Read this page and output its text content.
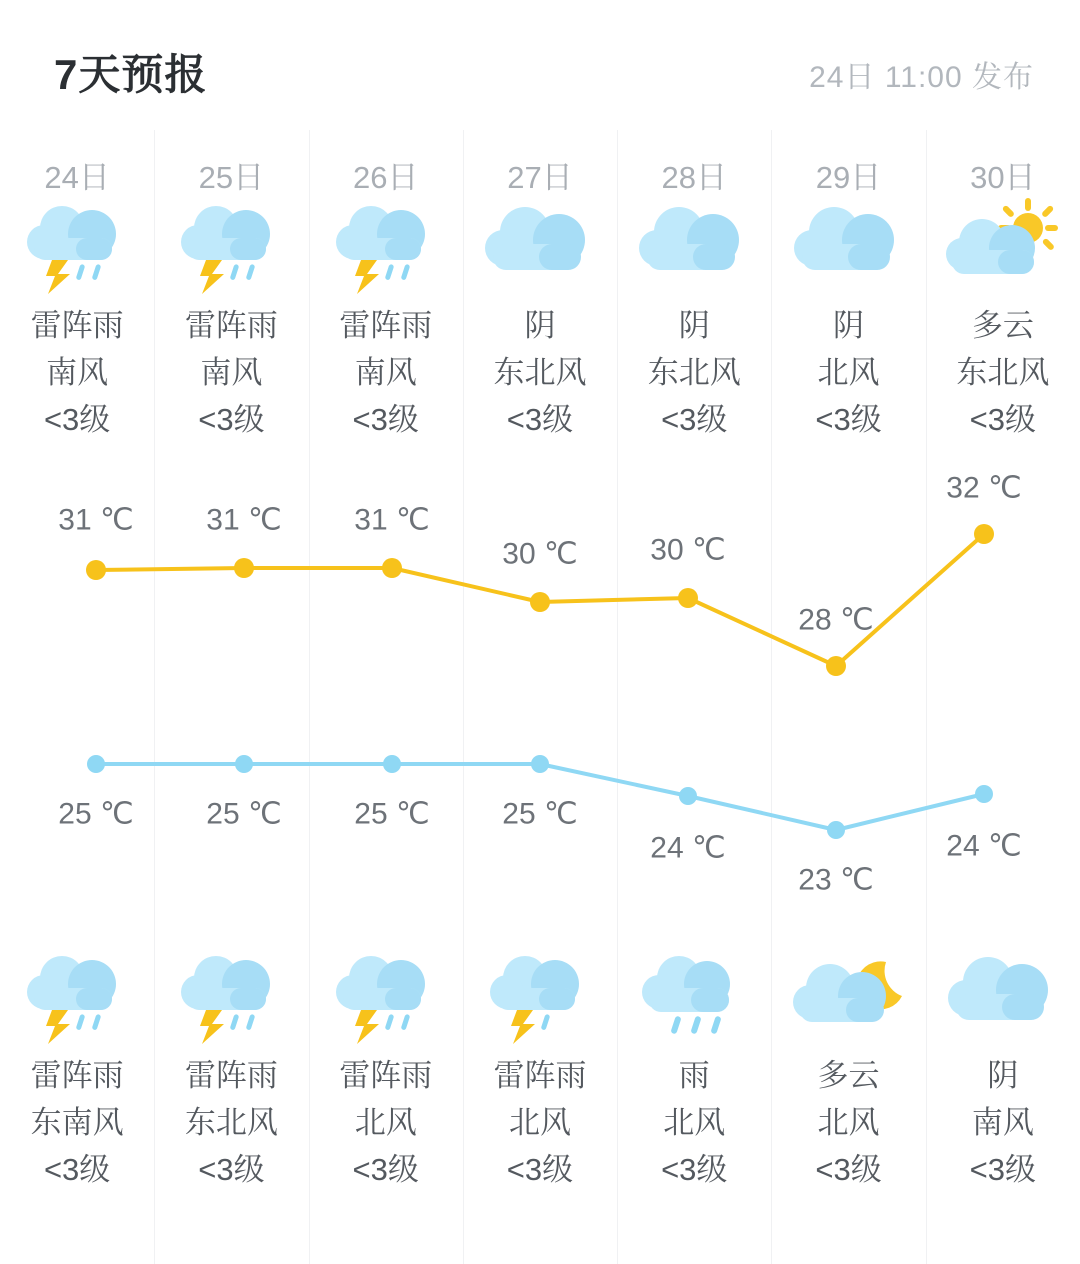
7天预报	24日 11:00 发布
24日
雷阵雨
南风
<3级
雷阵雨
东南风
<3级
25日
雷阵雨
南风
<3级
雷阵雨
东北风
<3级
26日
雷阵雨
南风
<3级
雷阵雨
北风
<3级
27日
阴
东北风
<3级
雷阵雨
北风
<3级
28日
阴
东北风
<3级
雨
北风
<3级
29日
阴
北风
<3级
多云
北风
<3级
30日
多云
东北风
<3级
阴
南风
<3级
31 ℃ 31 ℃ 31 ℃
30 ℃ 30 ℃
28 ℃
32 ℃
25 ℃ 25 ℃ 25 ℃ 25 ℃
24 ℃
23 ℃
24 ℃
